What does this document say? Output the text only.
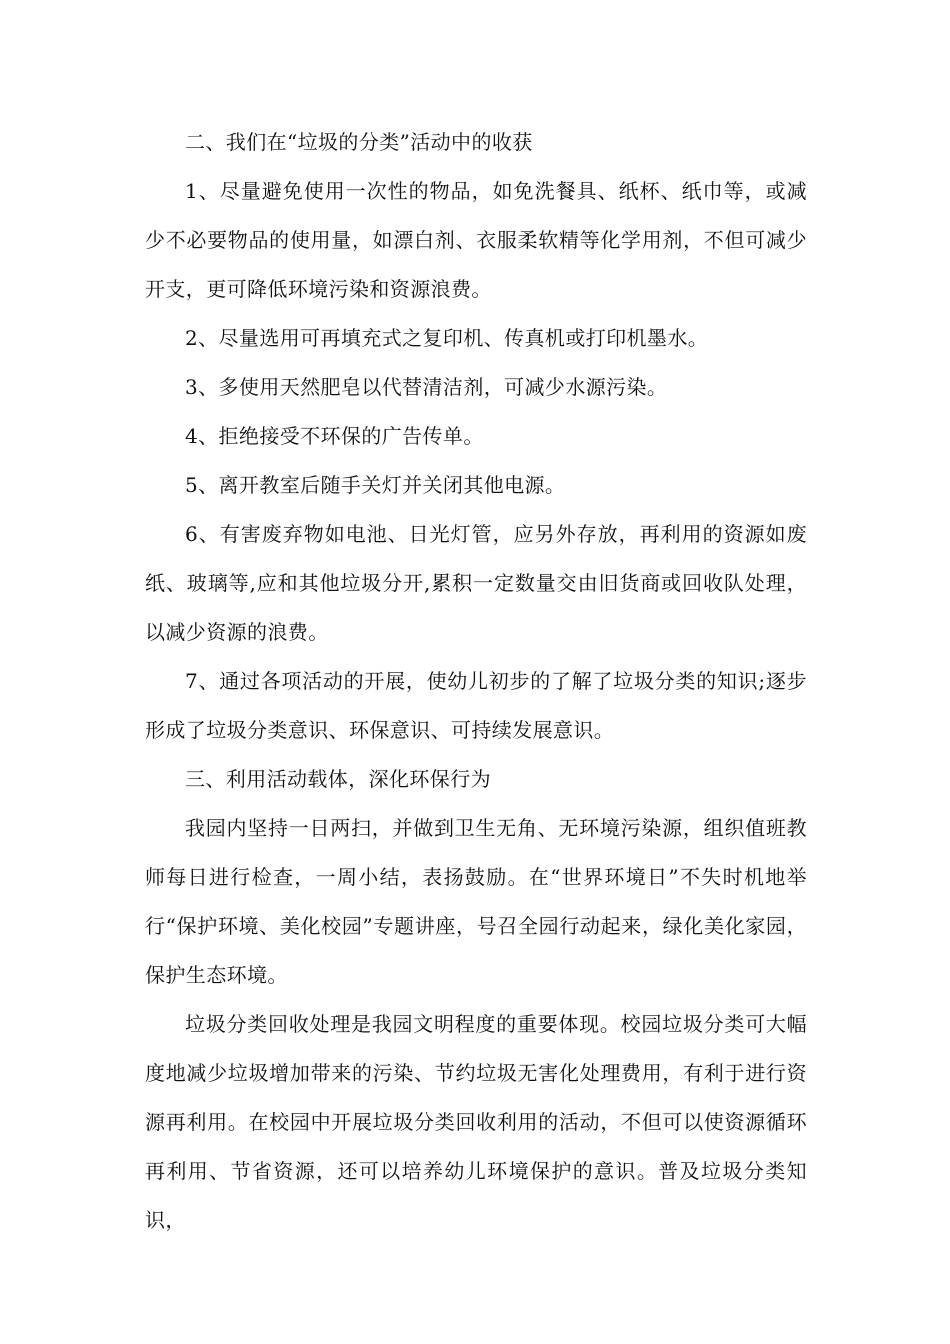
二、我们在“垃圾的分类”活动中的收获

1、尽量避免使用一次性的物品，如免洗餐具、纸杯、纸巾等，或减少不必要物品的使用量，如漂白剂、衣服柔软精等化学用剂，不但可减少开支，更可降低环境污染和资源浪费。

2、尽量选用可再填充式之复印机、传真机或打印机墨水。

3、多使用天然肥皂以代替清洁剂，可减少水源污染。

4、拒绝接受不环保的广告传单。

5、离开教室后随手关灯并关闭其他电源。

6、有害废弃物如电池、日光灯管，应另外存放，再利用的资源如废纸、玻璃等,应和其他垃圾分开,累积一定数量交由旧货商或回收队处理，以减少资源的浪费。

7、通过各项活动的开展，使幼儿初步的了解了垃圾分类的知识;逐步形成了垃圾分类意识、环保意识、可持续发展意识。

三、利用活动载体，深化环保行为

我园内坚持一日两扫，并做到卫生无角、无环境污染源，组织值班教师每日进行检查，一周小结，表扬鼓励。在“世界环境日”不失时机地举行“保护环境、美化校园”专题讲座，号召全园行动起来，绿化美化家园，保护生态环境。

垃圾分类回收处理是我园文明程度的重要体现。校园垃圾分类可大幅度地减少垃圾增加带来的污染、节约垃圾无害化处理费用，有利于进行资源再利用。在校园中开展垃圾分类回收利用的活动，不但可以使资源循环再利用、节省资源，还可以培养幼儿环境保护的意识。普及垃圾分类知识，
